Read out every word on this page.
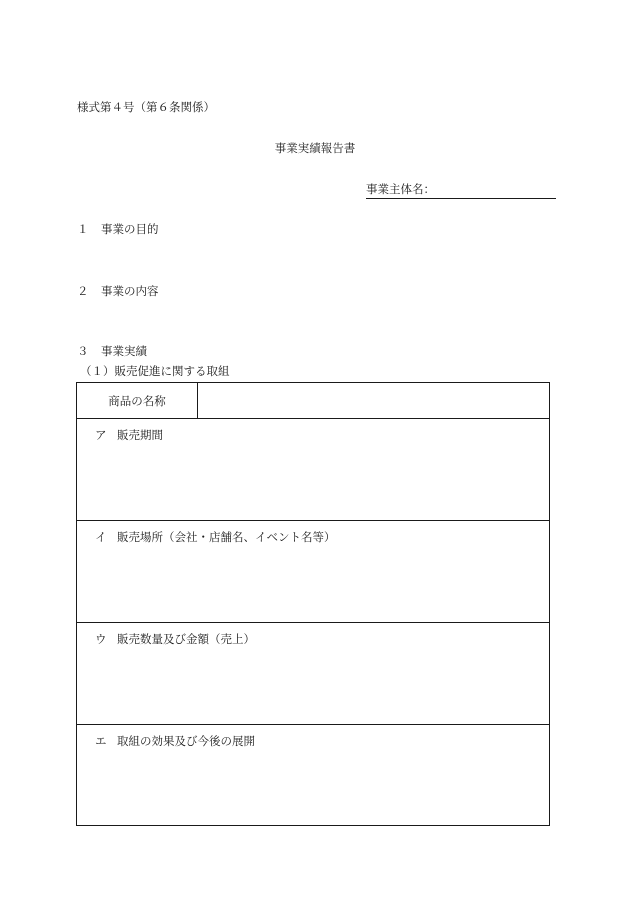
様式第４号（第６条関係）
事業実績報告書
事業主体名：
１ 事業の目的
２ 事業の内容
３ 事業実績
（１）販売促進に関する取組
商品の名称
ア 販売期間
イ 販売場所（会社・店舗名、イベント名等）
ウ 販売数量及び金額（売上）
エ 取組の効果及び今後の展開
